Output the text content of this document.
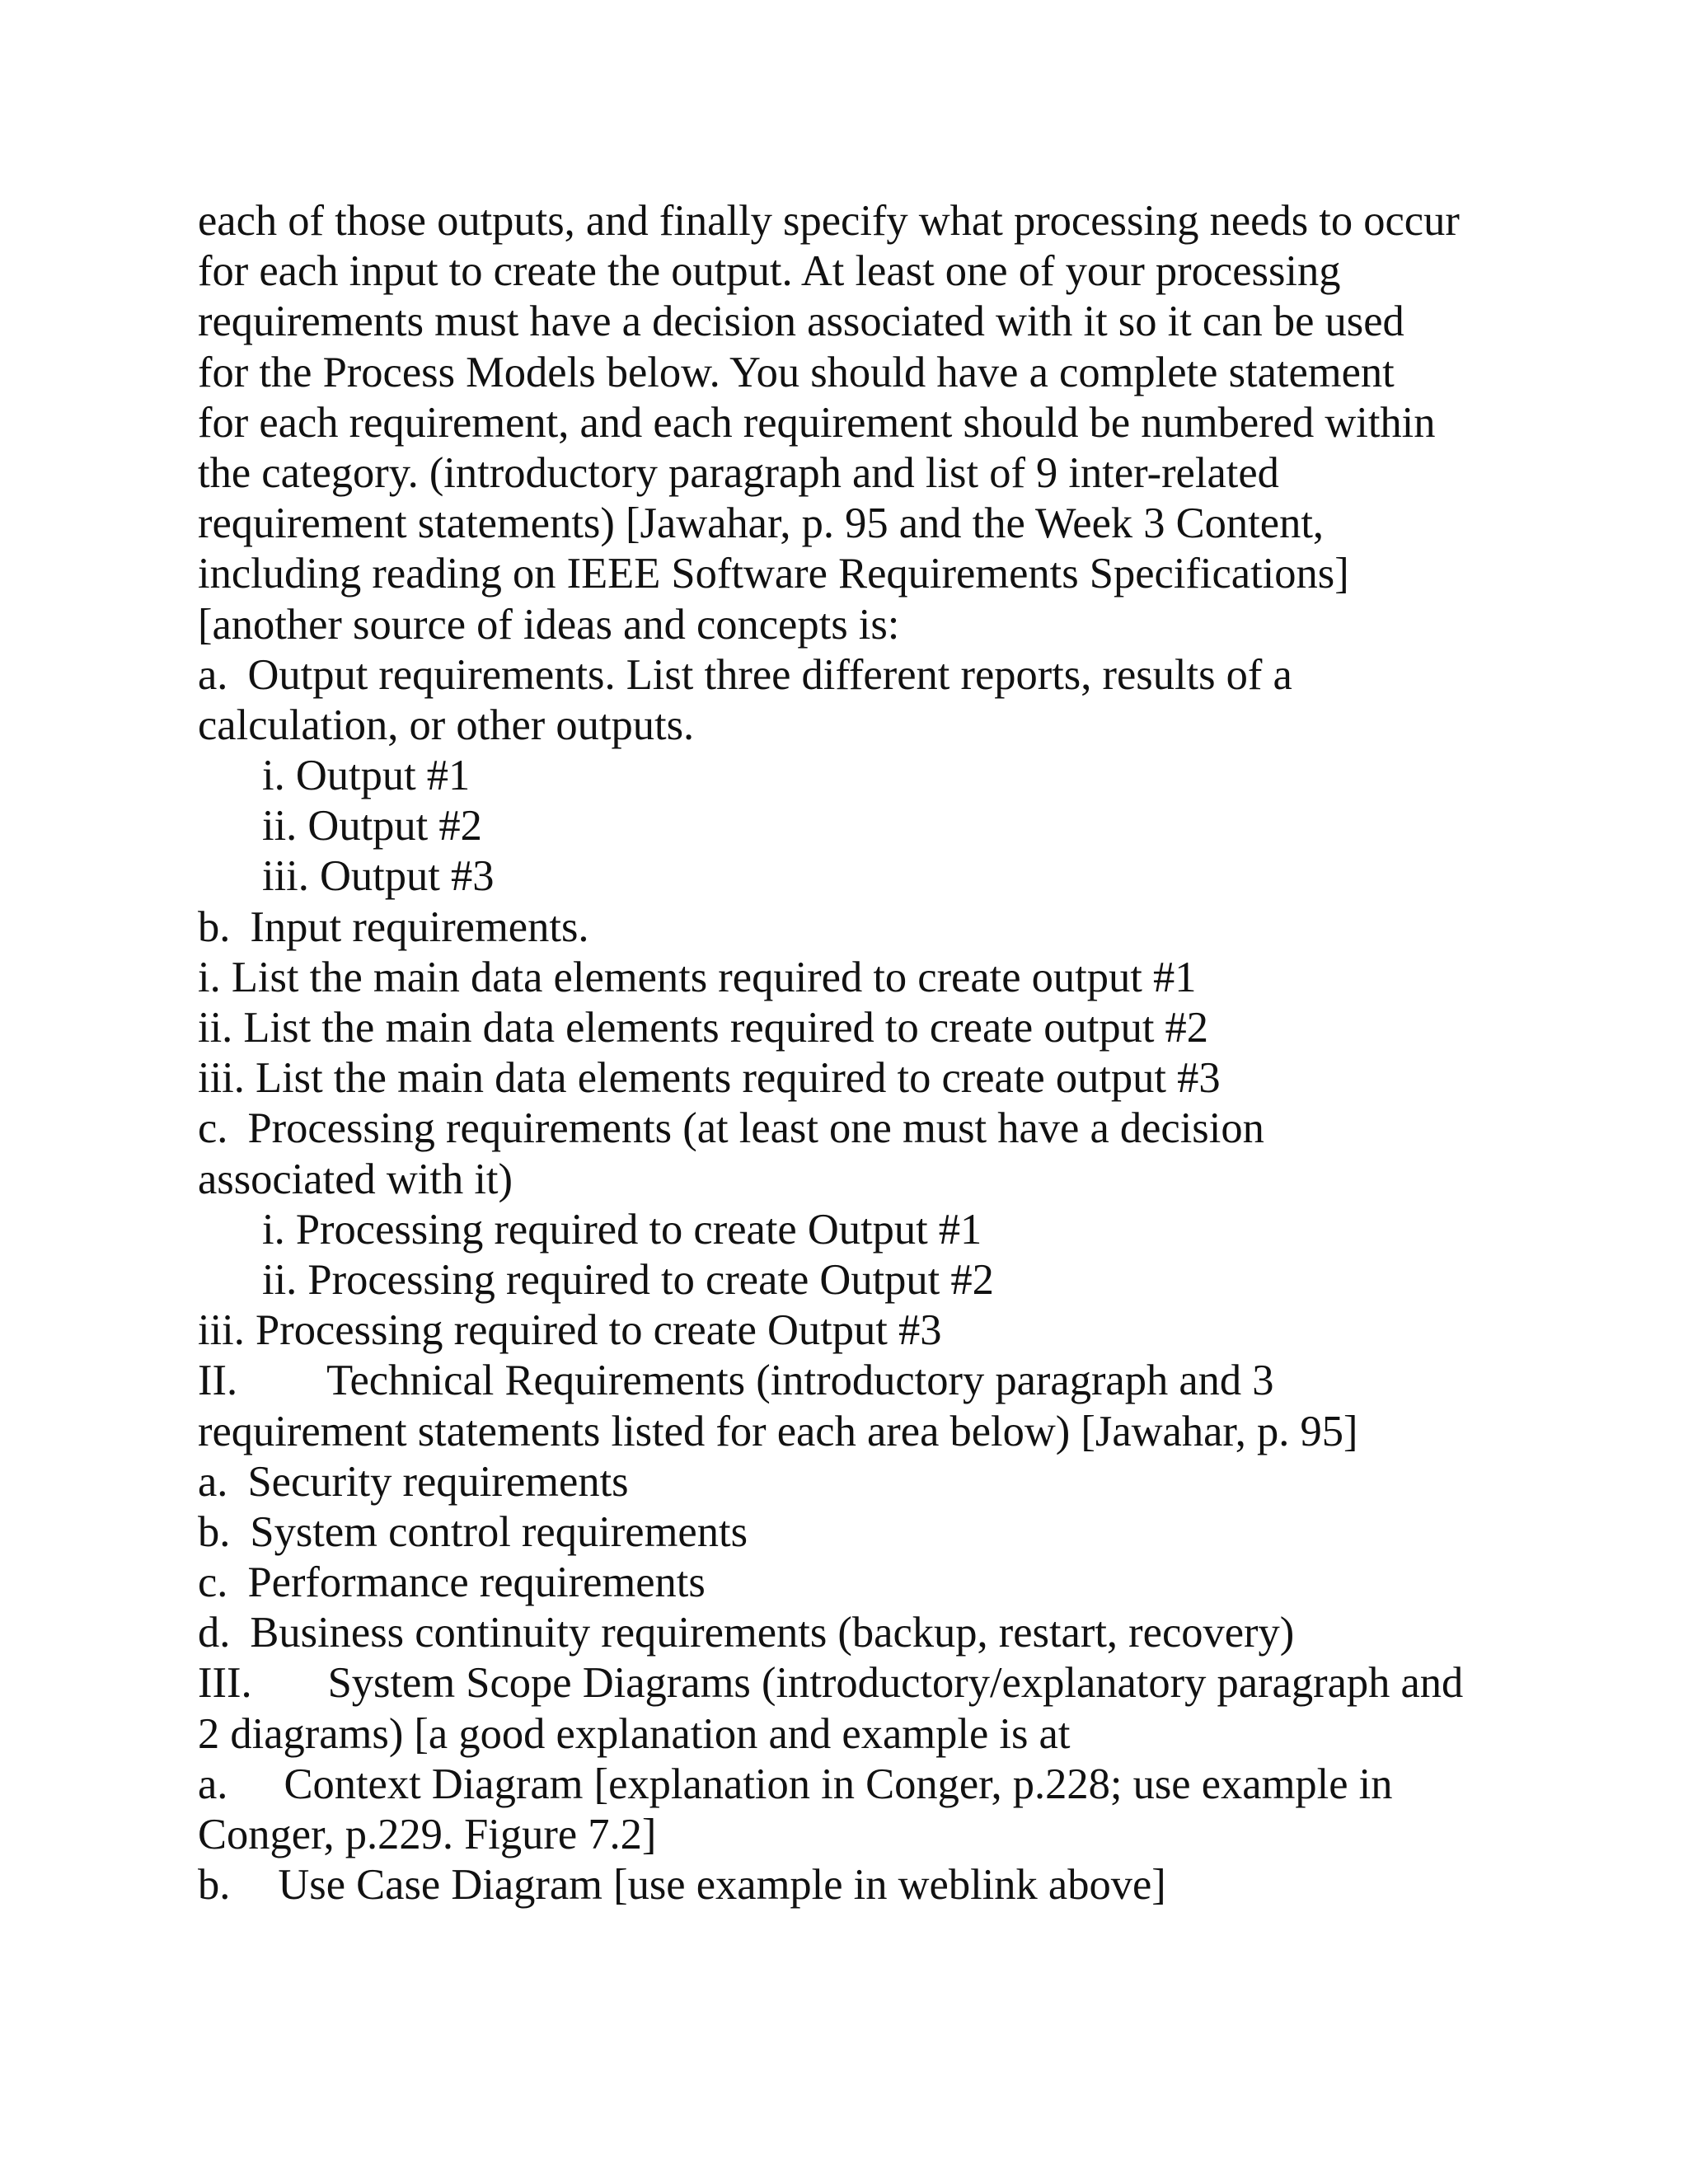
each of those outputs, and finally specify what processing needs to occur
for each input to create the output. At least one of your processing
requirements must have a decision associated with it so it can be used
for the Process Models below. You should have a complete statement
for each requirement, and each requirement should be numbered within
the category. (introductory paragraph and list of 9 inter-related
requirement statements) [Jawahar, p. 95 and the Week 3 Content,
including reading on IEEE Software Requirements Specifications]
[another source of ideas and concepts is:
a. Output requirements. List three different reports, results of a
calculation, or other outputs.
i. Output #1
ii. Output #2
iii. Output #3
b. Input requirements.
i. List the main data elements required to create output #1
ii. List the main data elements required to create output #2
iii. List the main data elements required to create output #3
c. Processing requirements (at least one must have a decision
associated with it)
i. Processing required to create Output #1
ii. Processing required to create Output #2
iii. Processing required to create Output #3
II. Technical Requirements (introductory paragraph and 3
requirement statements listed for each area below) [Jawahar, p. 95]
a. Security requirements
b. System control requirements
c. Performance requirements
d. Business continuity requirements (backup, restart, recovery)
III. System Scope Diagrams (introductory/explanatory paragraph and
2 diagrams) [a good explanation and example is at
a. Context Diagram [explanation in Conger, p.228; use example in
Conger, p.229. Figure 7.2]
b. Use Case Diagram [use example in weblink above]
